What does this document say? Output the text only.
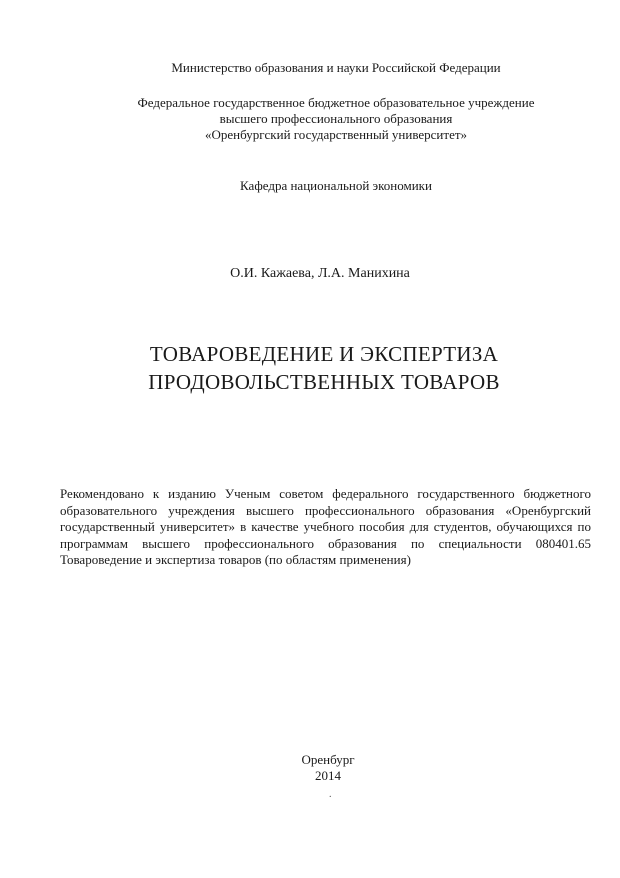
Министерство образования и науки Российской Федерации
Федеральное государственное бюджетное образовательное учреждение
высшего профессионального образования
«Оренбургский государственный университет»
Кафедра национальной экономики
О.И. Кажаева, Л.А. Манихина
ТОВАРОВЕДЕНИЕ И ЭКСПЕРТИЗА
ПРОДОВОЛЬСТВЕННЫХ ТОВАРОВ
Рекомендовано к изданию Ученым советом федерального государственного бюджетного образовательного учреждения высшего профессионального образования «Оренбургский государственный университет» в качестве учебного пособия для студентов, обучающихся по программам высшего профессионального образования по специальности 080401.65 Товароведение и экспертиза товаров (по областям применения)
Оренбург
2014
.
